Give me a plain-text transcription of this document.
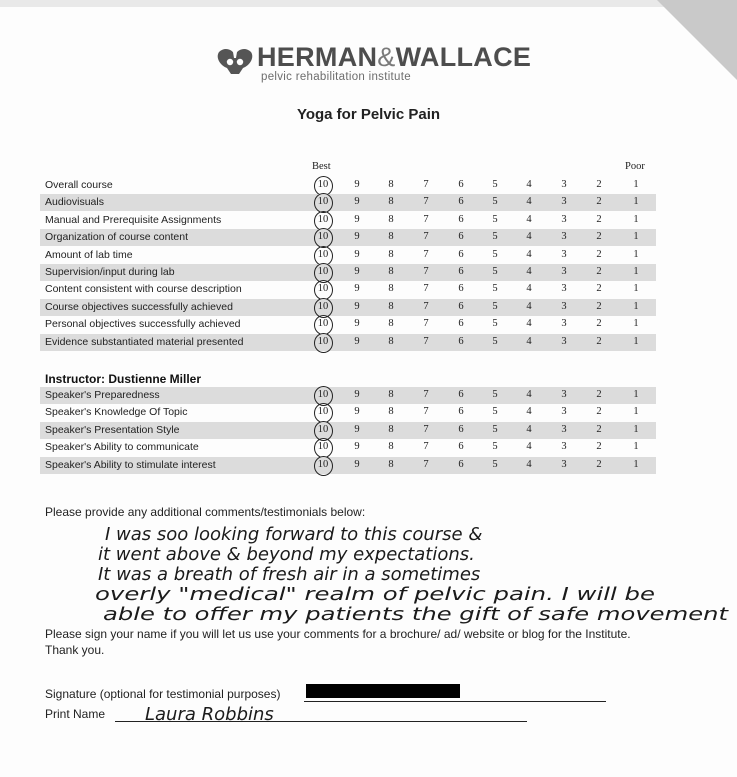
HERMAN&WALLACE
pelvic rehabilitation institute
Yoga for Pelvic Pain
Best	Poor
Overall course	10	9	8	7	6	5	4	3	2	1
Audiovisuals	10	9	8	7	6	5	4	3	2	1
Manual and Prerequisite Assignments	10	9	8	7	6	5	4	3	2	1
Organization of course content	10	9	8	7	6	5	4	3	2	1
Amount of lab time	10	9	8	7	6	5	4	3	2	1
Supervision/input during lab	10	9	8	7	6	5	4	3	2	1
Content consistent with course description	10	9	8	7	6	5	4	3	2	1
Course objectives successfully achieved	10	9	8	7	6	5	4	3	2	1
Personal objectives successfully achieved	10	9	8	7	6	5	4	3	2	1
Evidence substantiated material presented	10	9	8	7	6	5	4	3	2	1
Instructor: Dustienne Miller
Speaker's Preparedness	10	9	8	7	6	5	4	3	2	1
Speaker's Knowledge Of Topic	10	9	8	7	6	5	4	3	2	1
Speaker's Presentation Style	10	9	8	7	6	5	4	3	2	1
Speaker's Ability to communicate	10	9	8	7	6	5	4	3	2	1
Speaker's Ability to stimulate interest	10	9	8	7	6	5	4	3	2	1
Please provide any additional comments/testimonials below:
I was soo looking forward to this course &
it went above & beyond my expectations.
It was a breath of fresh air in a sometimes
overly "medical" realm of pelvic pain. I will be
able to offer my patients the gift of safe movement
Please sign your name if you will let us use your comments for a brochure/ ad/ website or blog for the Institute.
Thank you.
Signature (optional for testimonial purposes)
Print Name Laura Robbins
